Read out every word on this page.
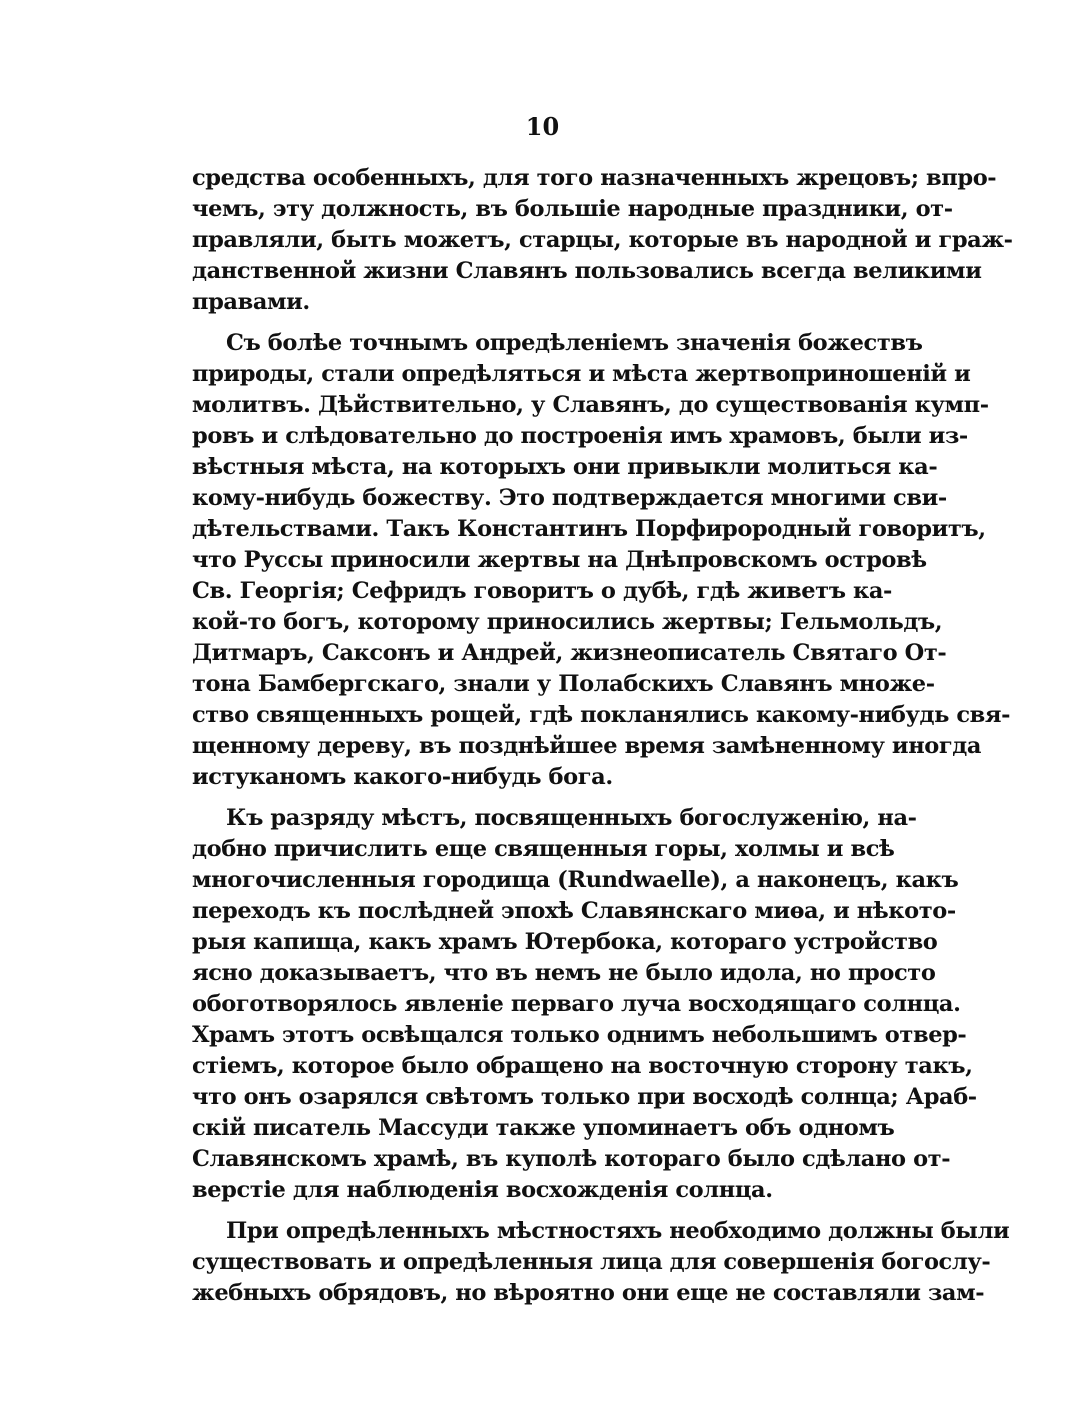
10
средства особенныхъ, для того назначенныхъ жрецовъ; впро-
чемъ, эту должность, въ большіе народные праздники, от-
правляли, быть можетъ, старцы, которые въ народной и граж-
данственной жизни Славянъ пользовались всегда великими
правами.
Съ болѣе точнымъ опредѣленіемъ значенія божествъ
природы, стали опредѣляться и мѣста жертвоприношеній и
молитвъ. Дѣйствительно, у Славянъ, до существованія кумп-
ровъ и слѣдовательно до построенія имъ храмовъ, были из-
вѣстныя мѣста, на которыхъ они привыкли молиться ка-
кому-нибудь божеству. Это подтверждается многими сви-
дѣтельствами. Такъ Константинъ Порфирородный говоритъ,
что Руссы приносили жертвы на Днѣпровскомъ островѣ
Св. Георгія; Сефридъ говоритъ о дубѣ, гдѣ живетъ ка-
кой-то богъ, которому приносились жертвы; Гельмольдъ,
Дитмаръ, Саксонъ и Андрей, жизнеописатель Святаго От-
тона Бамбергскаго, знали у Полабскихъ Славянъ множе-
ство священныхъ рощей, гдѣ покланялись какому-нибудь свя-
щенному дереву, въ позднѣйшее время замѣненному иногда
истуканомъ какого-нибудь бога.
Къ разряду мѣстъ, посвященныхъ богослуженію, на-
добно причислить еще священныя горы, холмы и всѣ
многочисленныя городища (Rundwaelle), а наконецъ, какъ
переходъ къ послѣдней эпохѣ Славянскаго миѳа, и нѣкото-
рыя капища, какъ храмъ Ютербока, котораго устройство
ясно доказываетъ, что въ немъ не было идола, но просто
обоготворялось явленіе перваго луча восходящаго солнца.
Храмъ этотъ освѣщался только однимъ небольшимъ отвер-
стіемъ, которое было обращено на восточную сторону такъ,
что онъ озарялся свѣтомъ только при восходѣ солнца; Араб-
скій писатель Массуди также упоминаетъ объ одномъ
Славянскомъ храмѣ, въ куполѣ котораго было сдѣлано от-
верстіе для наблюденія восхожденія солнца.
При опредѣленныхъ мѣстностяхъ необходимо должны были
существовать и опредѣленныя лица для совершенія богослу-
жебныхъ обрядовъ, но вѣроятно они еще не составляли зам-
